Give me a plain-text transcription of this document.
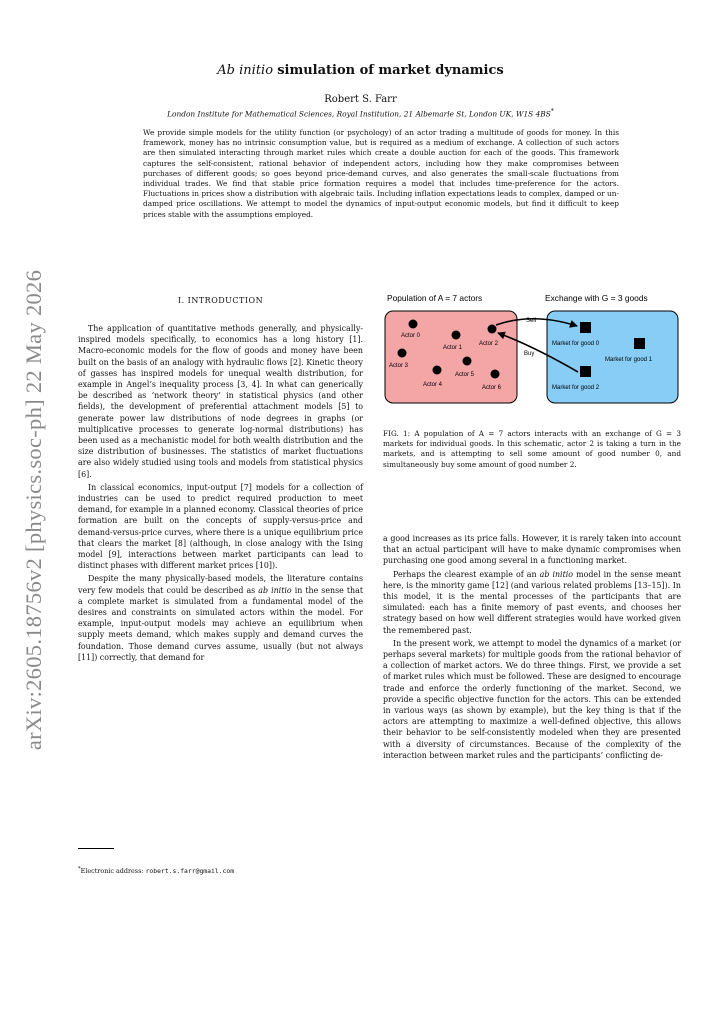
arXiv:2605.18756v2 [physics.soc-ph] 22 May 2026
Ab initio simulation of market dynamics
Robert S. Farr
London Institute for Mathematical Sciences, Royal Institution, 21 Albemarle St, London UK, W1S 4BS*
We provide simple models for the utility function (or psychology) of an actor trading a multitude of goods for money. In this framework, money has no intrinsic consumption value, but is required as a medium of exchange. A collection of such actors are then simulated interacting through market rules which create a double auction for each of the goods. This framework captures the self-consistent, rational behavior of independent actors, including how they make compromises between purchases of different goods; so goes beyond price-demand curves, and also generates the small-scale fluctuations from individual trades. We find that stable price formation requires a model that includes time-preference for the actors. Fluctuations in prices show a distribution with algebraic tails. Including inflation expectations leads to complex, damped or un-damped price oscillations. We attempt to model the dynamics of input-output economic models, but find it difficult to keep prices stable with the assumptions employed.
I. INTRODUCTION

The application of quantitative methods generally, and physically-inspired models specifically, to economics has a long history [1]. Macro-economic models for the flow of goods and money have been built on the basis of an analogy with hydraulic flows [2]. Kinetic theory of gasses has inspired models for unequal wealth distribution, for example in Angel’s inequality process [3, 4]. In what can generically be described as ‘network theory’ in statistical physics (and other fields), the development of preferential attachment models [5] to generate power law distributions of node degrees in graphs (or multiplicative processes to generate log-normal distributions) has been used as a mechanistic model for both wealth distribution and the size distribution of businesses. The statistics of market fluctuations are also widely studied using tools and models from statistical physics [6].

In classical economics, input-output [7] models for a collection of industries can be used to predict required production to meet demand, for example in a planned economy. Classical theories of price formation are built on the concepts of supply-versus-price and demand-versus-price curves, where there is a unique equilibrium price that clears the market [8] (although, in close analogy with the Ising model [9], interactions between market participants can lead to distinct phases with different market prices [10]).

Despite the many physically-based models, the literature contains very few models that could be described as ab initio in the sense that a complete market is simulated from a fundamental model of the desires and constraints on simulated actors within the model. For example, input-output models may achieve an equilibrium when supply meets demand, which makes supply and demand curves the foundation. Those demand curves assume, usually (but not always [11]) correctly, that demand for

*Electronic address: robert.s.farr@gmail.com
Population of A = 7 actors	Exchange with G = 3 goods
Actor 0
Actor 1
Actor 2
Actor 3
Actor 4
Actor 5
Actor 6
Market for good 0
Market for good 1
Market for good 2
Sell
Buy
FIG. 1: A population of A = 7 actors interacts with an exchange of G = 3 markets for individual goods. In this schematic, actor 2 is taking a turn in the markets, and is attempting to sell some amount of good number 0, and simultaneously buy some amount of good number 2.

a good increases as its price falls. However, it is rarely taken into account that an actual participant will have to make dynamic compromises when purchasing one good among several in a functioning market.

Perhaps the clearest example of an ab initio model in the sense meant here, is the minority game [12] (and various related problems [13–15]). In this model, it is the mental processes of the participants that are simulated: each has a finite memory of past events, and chooses her strategy based on how well different strategies would have worked given the remembered past.

In the present work, we attempt to model the dynamics of a market (or perhaps several markets) for multiple goods from the rational behavior of a collection of market actors. We do three things. First, we provide a set of market rules which must be followed. These are designed to encourage trade and enforce the orderly functioning of the market. Second, we provide a specific objective function for the actors. This can be extended in various ways (as shown by example), but the key thing is that if the actors are attempting to maximize a well-defined objective, this allows their behavior to be self-consistently modeled when they are presented with a diversity of circumstances. Because of the complexity of the interaction between market rules and the participants’ conflicting de-
